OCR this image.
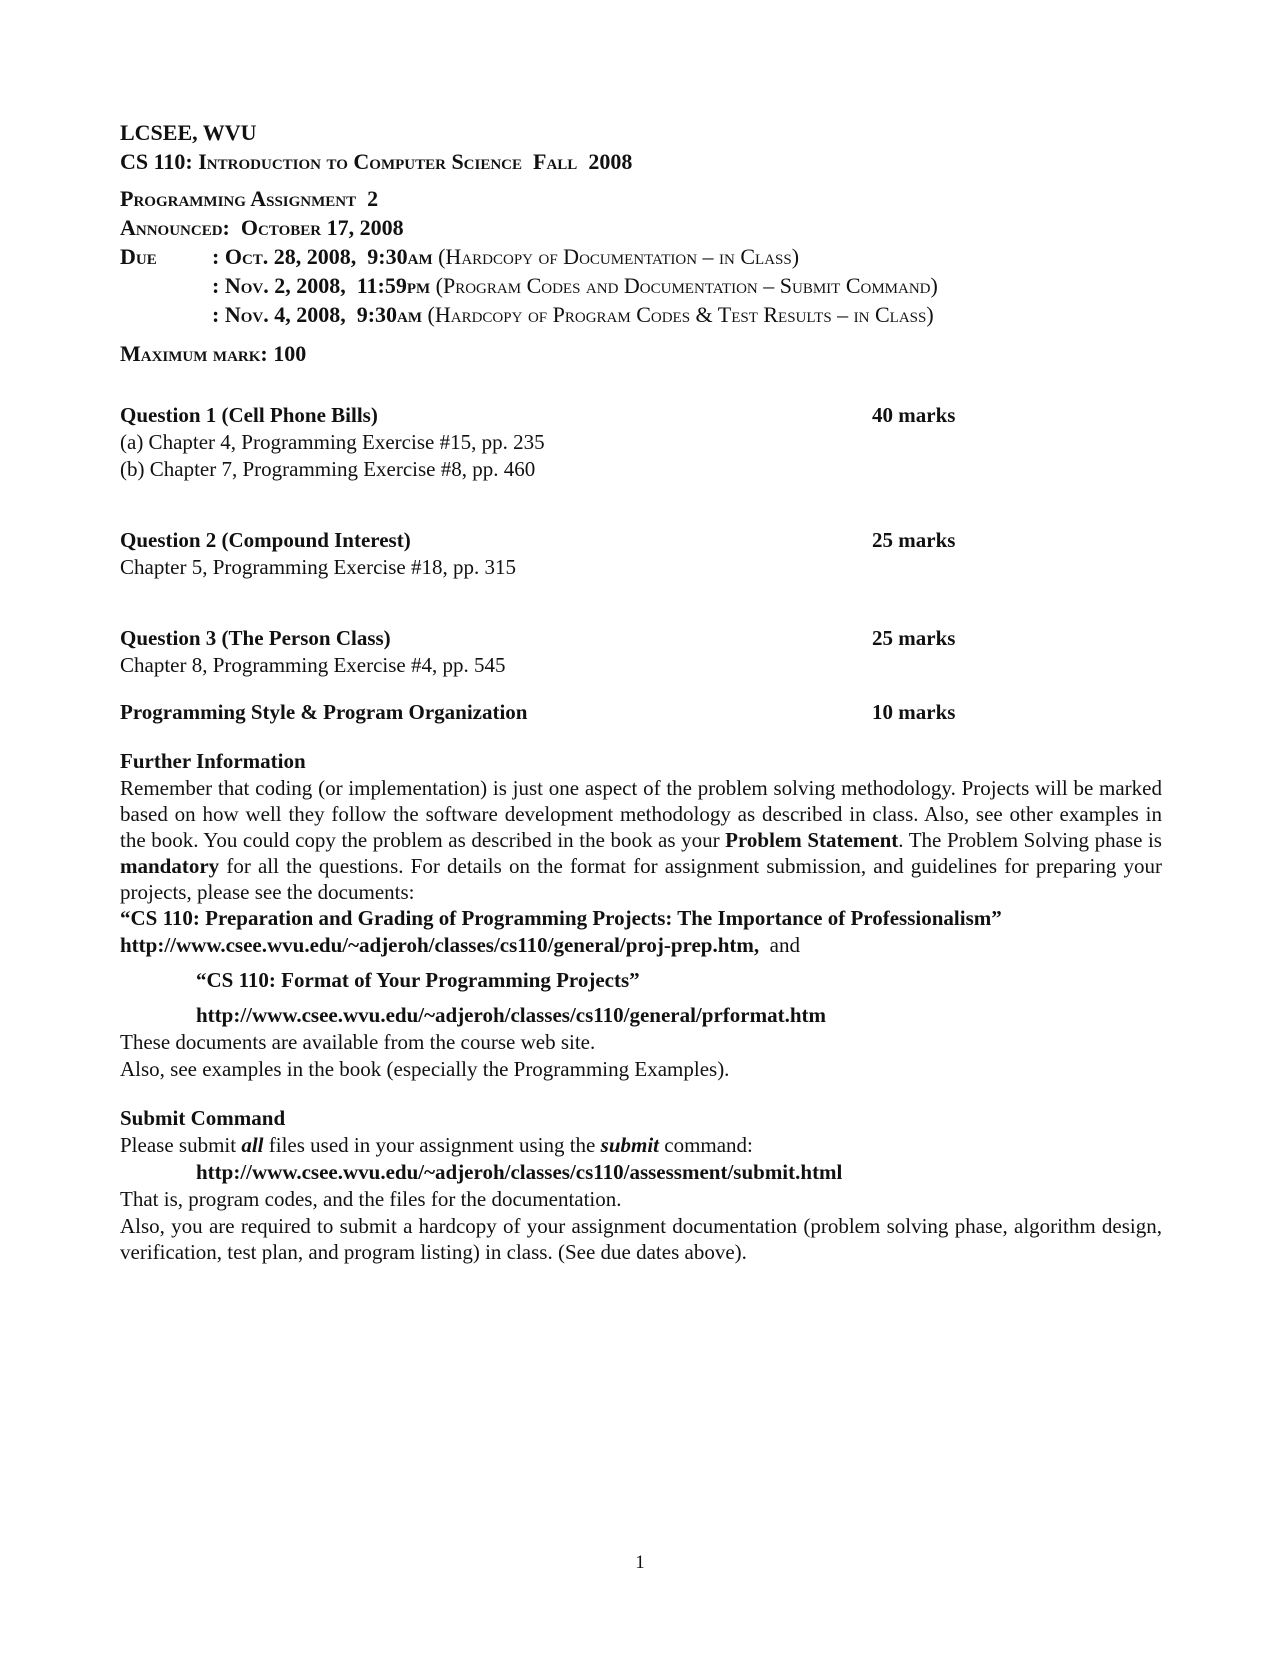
LCSEE, WVU

CS 110: Introduction to Computer Science Fall 2008

Programming Assignment 2

Announced: October 17, 2008

Due	: Oct. 28, 2008, 9:30am (Hardcopy of Documentation – in Class)
: Nov. 2, 2008, 11:59pm (Program Codes and Documentation – Submit Command)
: Nov. 4, 2008, 9:30am (Hardcopy of Program Codes & Test Results – in Class)

Maximum mark: 100

Question 1 (Cell Phone Bills)	40 marks

(a) Chapter 4, Programming Exercise #15, pp. 235

(b) Chapter 7, Programming Exercise #8, pp. 460

Question 2 (Compound Interest)	25 marks

Chapter 5, Programming Exercise #18, pp. 315

Question 3 (The Person Class)	25 marks

Chapter 8, Programming Exercise #4, pp. 545

Programming Style & Program Organization	10 marks

Further Information

Remember that coding (or implementation) is just one aspect of the problem solving methodology. Projects will be marked based on how well they follow the software development methodology as described in class. Also, see other examples in the book. You could copy the problem as described in the book as your Problem Statement. The Problem Solving phase is mandatory for all the questions. For details on the format for assignment submission, and guidelines for preparing your projects, please see the documents:

“CS 110: Preparation and Grading of Programming Projects: The Importance of Professionalism”

http://www.csee.wvu.edu/~adjeroh/classes/cs110/general/proj-prep.htm, and

“CS 110: Format of Your Programming Projects”

http://www.csee.wvu.edu/~adjeroh/classes/cs110/general/prformat.htm

These documents are available from the course web site.

Also, see examples in the book (especially the Programming Examples).

Submit Command

Please submit all files used in your assignment using the submit command:

http://www.csee.wvu.edu/~adjeroh/classes/cs110/assessment/submit.html

That is, program codes, and the files for the documentation.

Also, you are required to submit a hardcopy of your assignment documentation (problem solving phase, algorithm design, verification, test plan, and program listing) in class. (See due dates above).

1
